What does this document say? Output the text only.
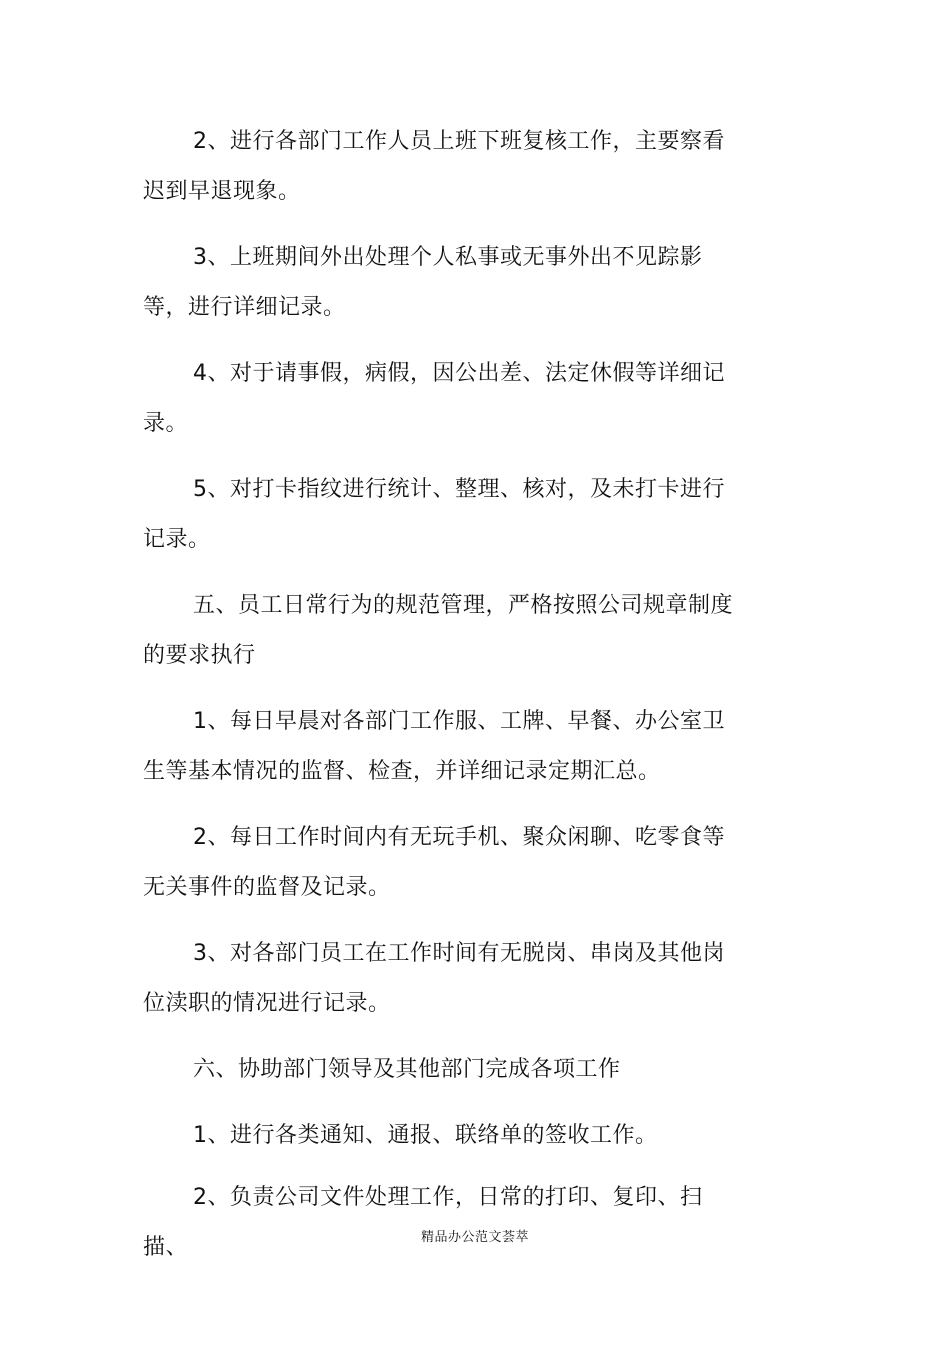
2、进行各部门工作人员上班下班复核工作，主要察看迟到早退现象。

3、上班期间外出处理个人私事或无事外出不见踪影等，进行详细记录。

4、对于请事假，病假，因公出差、法定休假等详细记录。

5、对打卡指纹进行统计、整理、核对，及未打卡进行记录。

五、员工日常行为的规范管理，严格按照公司规章制度的要求执行

1、每日早晨对各部门工作服、工牌、早餐、办公室卫生等基本情况的监督、检查，并详细记录定期汇总。

2、每日工作时间内有无玩手机、聚众闲聊、吃零食等无关事件的监督及记录。

3、对各部门员工在工作时间有无脱岗、串岗及其他岗位渎职的情况进行记录。

六、协助部门领导及其他部门完成各项工作

1、进行各类通知、通报、联络单的签收工作。

2、负责公司文件处理工作，日常的打印、复印、扫描、	精品办公范文荟萃
